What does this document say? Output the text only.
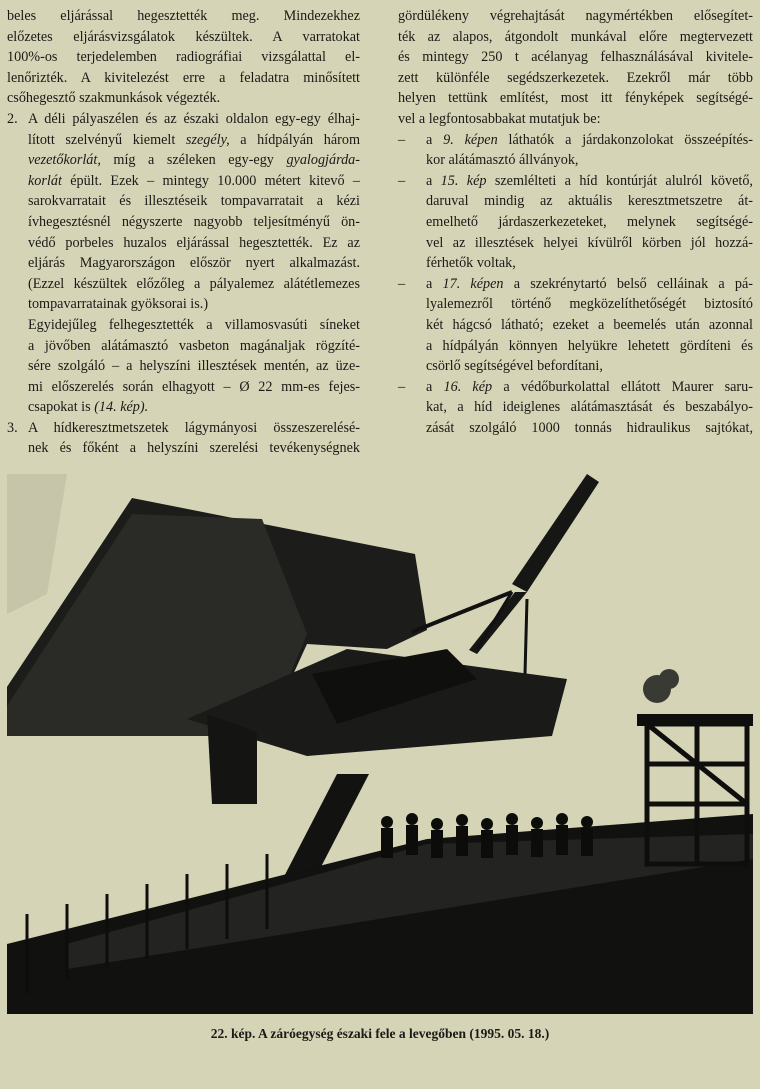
beles eljárással hegesztették meg. Mindezekhez
előzetes eljárásvizsgálatok készültek. A varratokat
100%-os terjedelemben radiográfiai vizsgálattal el-
lenőrizték. A kivitelezést erre a feladatra minősített
csőhegesztő szakmunkások végezték.
2. A déli pályaszélen és az északi oldalon egy-egy élhaj-
lított szelvényű kiemelt szegély, a hídpályán három
vezetőkorlát, míg a széleken egy-egy gyalogjárda-
korlát épült. Ezek – mintegy 10.000 métert kitevő –
sarokvarratait és illesztéseik tompavarratait a kézi
ívhegesztésnél négyszerte nagyobb teljesítményű ön-
védő porbeles huzalos eljárással hegesztették. Ez az
eljárás Magyarországon először nyert alkalmazást.
(Ezzel készültek előzőleg a pályalemez alátétlemezes
tompavarratainak gyöksorai is.)
Egyidejűleg felhegesztették a villamosvasúti síneket
a jövőben alátámasztó vasbeton magánaljak rögzíté-
sére szolgáló – a helyszíni illesztések mentén, az üze-
mi előszerelés során elhagyott – Ø 22 mm-es fejes-
csapokat is (14. kép).
3. A hídkeresztmetszetek lágymányosi összeszerelésé-
nek és főként a helyszíni szerelési tevékenységnek
gördülékeny végrehajtását nagymértékben elősegítet-
ték az alapos, átgondolt munkával előre megtervezett
és mintegy 250 t acélanyag felhasználásával kivitele-
zett különféle segédszerkezetek. Ezekről már több
helyen tettünk említést, most itt fényképek segítségé-
vel a legfontosabbakat mutatjuk be:
–	a 9. képen láthatók a járdakonzolokat összeépítés-
kor alátámasztó állványok,
–	a 15. kép szemlélteti a híd kontúrját alulról követő,
daruval mindig az aktuális keresztmetszetre át-
emelhető járdaszerkezeteket, melynek segítségé-
vel az illesztések helyei kívülről körben jól hozzá-
férhetők voltak,
–	a 17. képen a szekrénytartó belső celláinak a pá-
lyalemezről történő megközelíthetőségét biztosító
két hágcsó látható; ezeket a beemelés után azonnal
a hídpályán könnyen helyükre lehetett gördíteni és
csörlő segítségével befordítani,
–	a 16. kép a védőburkolattal ellátott Maurer saru-
kat, a híd ideiglenes alátámasztását és beszabályo-
zását szolgáló 1000 tonnás hidraulikus sajtókat,
22. kép. A záróegység északi fele a levegőben (1995. 05. 18.)
